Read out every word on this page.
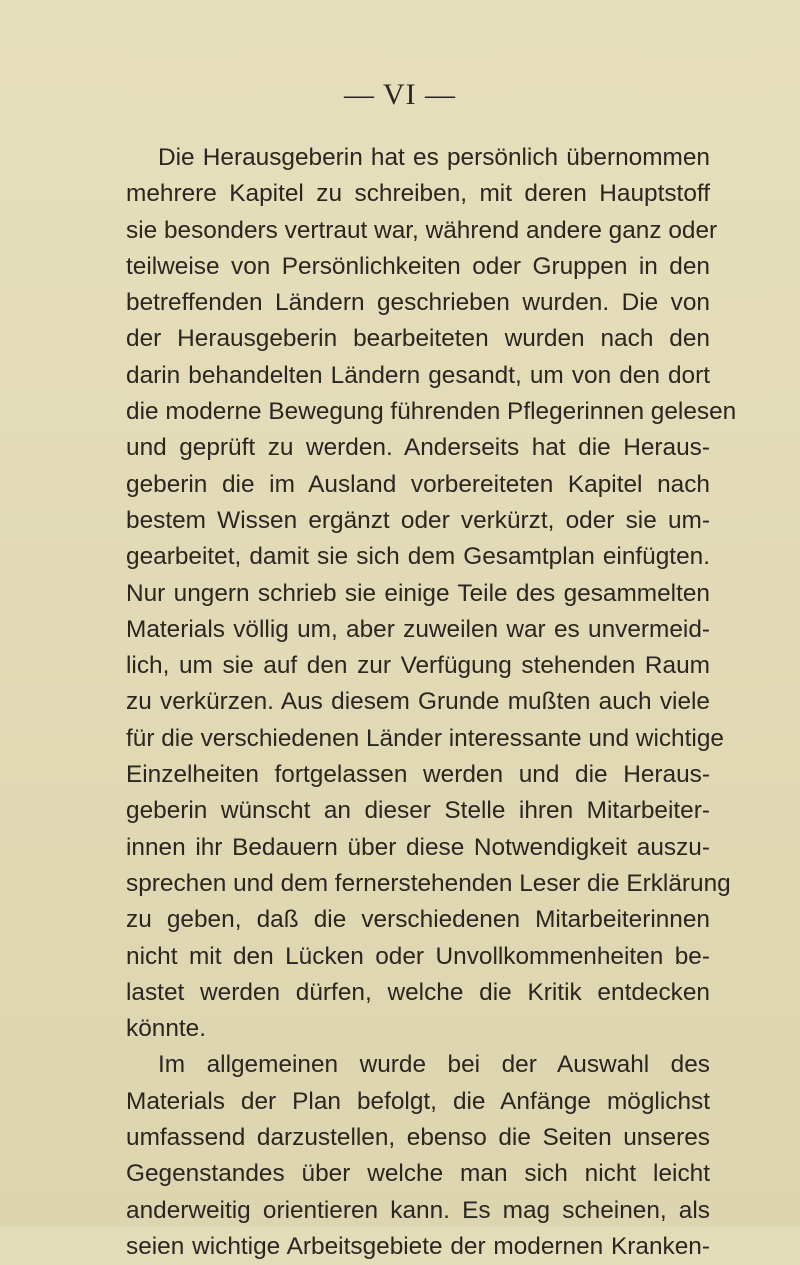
— VI —
Die Herausgeberin hat es persönlich übernommen
mehrere Kapitel zu schreiben, mit deren Hauptstoff
sie besonders vertraut war, während andere ganz oder
teilweise von Persönlichkeiten oder Gruppen in den
betreffenden Ländern geschrieben wurden. Die von
der Herausgeberin bearbeiteten wurden nach den
darin behandelten Ländern gesandt, um von den dort
die moderne Bewegung führenden Pflegerinnen gelesen
und geprüft zu werden. Anderseits hat die Heraus-
geberin die im Ausland vorbereiteten Kapitel nach
bestem Wissen ergänzt oder verkürzt, oder sie um-
gearbeitet, damit sie sich dem Gesamtplan einfügten.
Nur ungern schrieb sie einige Teile des gesammelten
Materials völlig um, aber zuweilen war es unvermeid-
lich, um sie auf den zur Verfügung stehenden Raum
zu verkürzen. Aus diesem Grunde mußten auch viele
für die verschiedenen Länder interessante und wichtige
Einzelheiten fortgelassen werden und die Heraus-
geberin wünscht an dieser Stelle ihren Mitarbeiter-
innen ihr Bedauern über diese Notwendigkeit auszu-
sprechen und dem fernerstehenden Leser die Erklärung
zu geben, daß die verschiedenen Mitarbeiterinnen
nicht mit den Lücken oder Unvollkommenheiten be-
lastet werden dürfen, welche die Kritik entdecken
könnte.
Im allgemeinen wurde bei der Auswahl des
Materials der Plan befolgt, die Anfänge möglichst
umfassend darzustellen, ebenso die Seiten unseres
Gegenstandes über welche man sich nicht leicht
anderweitig orientieren kann. Es mag scheinen, als
seien wichtige Arbeitsgebiete der modernen Kranken-
